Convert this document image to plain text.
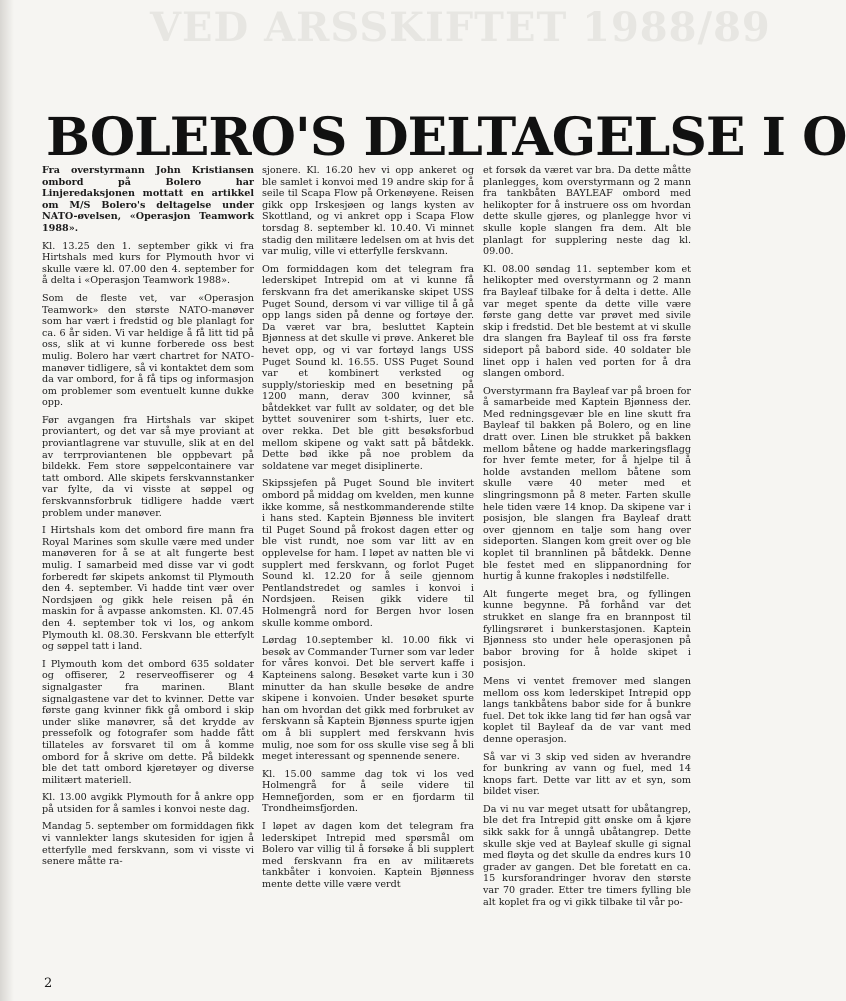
VED ARSSKIFTET 1988/89
BOLERO'S DELTAGELSE I O

Fra overstyrmann John Kristiansen ombord på Bolero har Linjeredaksjonen mottatt en artikkel om M/S Bolero's deltagelse under NATO-øvelsen, «Operasjon Teamwork 1988».

Kl. 13.25 den 1. september gikk vi fra Hirtshals med kurs for Plymouth hvor vi skulle være kl. 07.00 den 4. september for å delta i «Operasjon Teamwork 1988».

Som de fleste vet, var «Operasjon Teamwork» den største NATO-manøver som har vært i fredstid og ble planlagt for ca. 6 år siden. Vi var heldige å få litt tid på oss, slik at vi kunne forberede oss best mulig. Bolero har vært chartret for NATO-manøver tidligere, så vi kontaktet dem som da var ombord, for å få tips og informasjon om problemer som eventuelt kunne dukke opp.

Før avgangen fra Hirtshals var skipet proviantert, og det var så mye proviant at proviantlagrene var stuvulle, slik at en del av terrproviantenen ble oppbevart på bildekk. Fem store søppelcontainere var tatt ombord. Alle skipets ferskvannstanker var fylte, da vi visste at søppel og ferskvannsforbruk tidligere hadde vært problem under manøver.

I Hirtshals kom det ombord fire mann fra Royal Marines som skulle være med under manøveren for å se at alt fungerte best mulig. I samarbeid med disse var vi godt forberedt før skipets ankomst til Plymouth den 4. september. Vi hadde tint vær over Nordsjøen og gikk hele reisen på én maskin for å avpasse ankomsten. Kl. 07.45 den 4. september tok vi los, og ankom Plymouth kl. 08.30. Ferskvann ble etterfylt og søppel tatt i land.

I Plymouth kom det ombord 635 soldater og offiserer, 2 reserveoffiserer og 4 signalgaster fra marinen. Blant signalgastene var det to kvinner. Dette var første gang kvinner fikk gå ombord i skip under slike manøvrer, så det krydde av pressefolk og fotografer som hadde fått tillateles av forsvaret til om å komme ombord for å skrive om dette. På bildekk ble det tatt ombord kjøretøyer og diverse militært materiell.

Kl. 13.00 avgikk Plymouth for å ankre opp på utsiden for å samles i konvoi neste dag.

Mandag 5. september om formiddagen fikk vi vannlekter langs skutesiden for igjen å etterfylle med ferskvann, som vi visste vi senere måtte ra-

sjonere. Kl. 16.20 hev vi opp ankeret og ble samlet i konvoi med 19 andre skip for å seile til Scapa Flow på Orkenøyene. Reisen gikk opp Irskesjøen og langs kysten av Skottland, og vi ankret opp i Scapa Flow torsdag 8. september kl. 10.40. Vi minnet stadig den militære ledelsen om at hvis det var mulig, ville vi etterfylle ferskvann.

Om formiddagen kom det telegram fra lederskipet Intrepid om at vi kunne få ferskvann fra det amerikanske skipet USS Puget Sound, dersom vi var villige til å gå opp langs siden på denne og fortøye der. Da været var bra, besluttet Kaptein Bjønness at det skulle vi prøve. Ankeret ble hevet opp, og vi var fortøyd langs USS Puget Sound kl. 16.55. USS Puget Sound var et kombinert verksted og supply/storieskip med en besetning på 1200 mann, derav 300 kvinner, så båtdekket var fullt av soldater, og det ble byttet souvenirer som t-shirts, luer etc. over rekka. Det ble gitt besøksforbud mellom skipene og vakt satt på båtdekk. Dette bød ikke på noe problem da soldatene var meget disiplinerte.

Skipssjefen på Puget Sound ble invitert ombord på middag om kvelden, men kunne ikke komme, så nestkommanderende stilte i hans sted. Kaptein Bjønness ble invitert til Puget Sound på frokost dagen etter og ble vist rundt, noe som var litt av en opplevelse for ham. I løpet av natten ble vi supplert med ferskvann, og forlot Puget Sound kl. 12.20 for å seile gjennom Pentlandstredet og samles i konvoi i Nordsjøen. Reisen gikk videre til Holmengrå nord for Bergen hvor losen skulle komme ombord.

Lørdag 10.september kl. 10.00 fikk vi besøk av Commander Turner som var leder for våres konvoi. Det ble servert kaffe i Kapteinens salong. Besøket varte kun i 30 minutter da han skulle besøke de andre skipene i konvoien. Under besøket spurte han om hvordan det gikk med forbruket av ferskvann så Kaptein Bjønness spurte igjen om å bli supplert med ferskvann hvis mulig, noe som for oss skulle vise seg å bli meget interessant og spennende senere.

Kl. 15.00 samme dag tok vi los ved Holmengrå for å seile videre til Hemnefjorden, som er en fjordarm til Trondheimsfjorden.

I løpet av dagen kom det telegram fra lederskipet Intrepid med spørsmål om Bolero var villig til å forsøke å bli supplert med ferskvann fra en av militærets tankbåter i konvoien. Kaptein Bjønness mente dette ville være verdt

et forsøk da været var bra. Da dette måtte planlegges, kom overstyrmann og 2 mann fra tankbåten BAYLEAF ombord med helikopter for å instruere oss om hvordan dette skulle gjøres, og planlegge hvor vi skulle kople slangen fra dem. Alt ble planlagt for supplering neste dag kl. 09.00.

Kl. 08.00 søndag 11. september kom et helikopter med overstyrmann og 2 mann fra Bayleaf tilbake for å delta i dette. Alle var meget spente da dette ville være første gang dette var prøvet med sivile skip i fredstid. Det ble bestemt at vi skulle dra slangen fra Bayleaf til oss fra første sideport på babord side. 40 soldater ble linet opp i halen ved porten for å dra slangen ombord.

Overstyrmann fra Bayleaf var på broen for å samarbeide med Kaptein Bjønness der. Med redningsgevær ble en line skutt fra Bayleaf til bakken på Bolero, og en line dratt over. Linen ble strukket på bakken mellom båtene og hadde markeringsflagg for hver femte meter, for å hjelpe til å holde avstanden mellom båtene som skulle være 40 meter med et slingringsmonn på 8 meter. Farten skulle hele tiden være 14 knop. Da skipene var i posisjon, ble slangen fra Bayleaf dratt over gjennom en talje som hang over sideporten. Slangen kom greit over og ble koplet til brannlinen på båtdekk. Denne ble festet med en slippanordning for hurtig å kunne frakoples i nødstilfelle.

Alt fungerte meget bra, og fyllingen kunne begynne. På forhånd var det strukket en slange fra en brannpost til fyllingsrøret i bunkerstasjonen. Kaptein Bjønness sto under hele operasjonen på babor broving for å holde skipet i posisjon.

Mens vi ventet fremover med slangen mellom oss kom lederskipet Intrepid opp langs tankbåtens babor side for å bunkre fuel. Det tok ikke lang tid før han også var koplet til Bayleaf da de var vant med denne operasjon.

Så var vi 3 skip ved siden av hverandre for bunkring av vann og fuel, med 14 knops fart. Dette var litt av et syn, som bildet viser.

Da vi nu var meget utsatt for ubåtangrep, ble det fra Intrepid gitt ønske om å kjøre sikk sakk for å unngå ubåtangrep. Dette skulle skje ved at Bayleaf skulle gi signal med fløyta og det skulle da endres kurs 10 grader av gangen. Det ble foretatt en ca. 15 kursforandringer hvorav den største var 70 grader. Etter tre timers fylling ble alt koplet fra og vi gikk tilbake til vår po-

2
